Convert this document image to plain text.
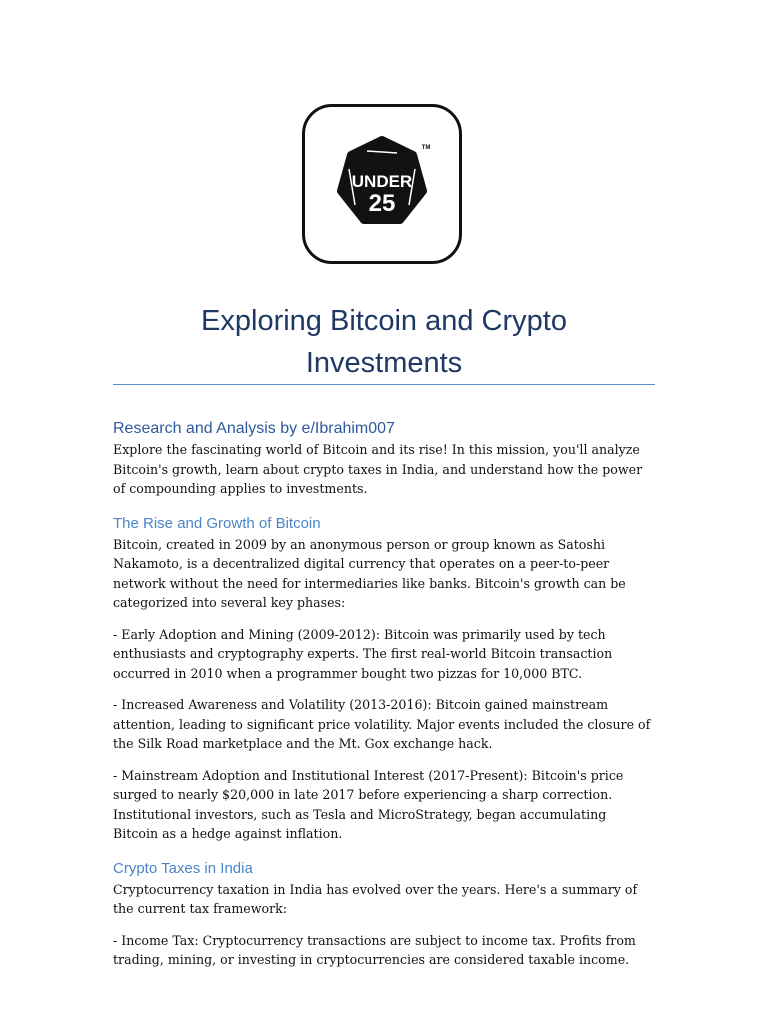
UNDER
25
TM
Exploring Bitcoin and Crypto
Investments
Research and Analysis by e/Ibrahim007

Explore the fascinating world of Bitcoin and its rise! In this mission, you'll analyze Bitcoin's growth, learn about crypto taxes in India, and understand how the power of compounding applies to investments.

The Rise and Growth of Bitcoin

Bitcoin, created in 2009 by an anonymous person or group known as Satoshi Nakamoto, is a decentralized digital currency that operates on a peer-to-peer network without the need for intermediaries like banks. Bitcoin's growth can be categorized into several key phases:

- Early Adoption and Mining (2009-2012): Bitcoin was primarily used by tech enthusiasts and cryptography experts. The first real-world Bitcoin transaction occurred in 2010 when a programmer bought two pizzas for 10,000 BTC.

- Increased Awareness and Volatility (2013-2016): Bitcoin gained mainstream attention, leading to significant price volatility. Major events included the closure of the Silk Road marketplace and the Mt. Gox exchange hack.

- Mainstream Adoption and Institutional Interest (2017-Present): Bitcoin's price surged to nearly $20,000 in late 2017 before experiencing a sharp correction. Institutional investors, such as Tesla and MicroStrategy, began accumulating Bitcoin as a hedge against inflation.

Crypto Taxes in India

Cryptocurrency taxation in India has evolved over the years. Here's a summary of the current tax framework:

- Income Tax: Cryptocurrency transactions are subject to income tax. Profits from trading, mining, or investing in cryptocurrencies are considered taxable income.
